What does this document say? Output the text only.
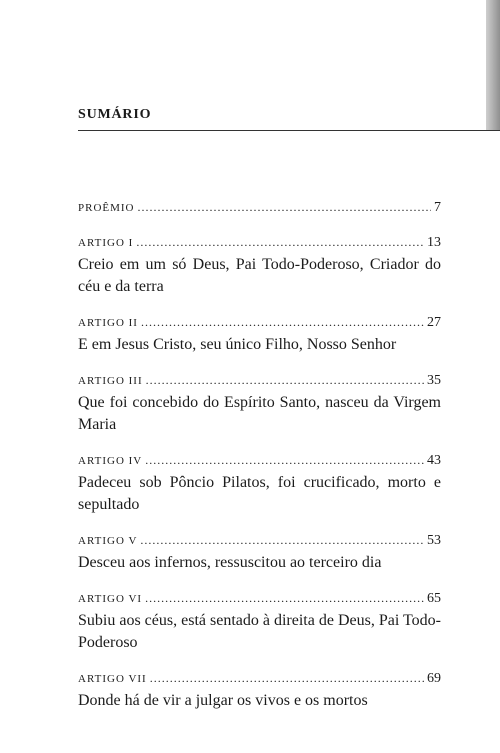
SUMÁRIO
PROÊMIO .....	7
ARTIGO I .....	13
Creio em um só Deus, Pai Todo-Poderoso, Criador do céu e da terra
ARTIGO II .....	27
E em Jesus Cristo, seu único Filho, Nosso Senhor
ARTIGO III .....	35
Que foi concebido do Espírito Santo, nasceu da Virgem Maria
ARTIGO IV .....	43
Padeceu sob Pôncio Pilatos, foi crucificado, morto e sepultado
ARTIGO V .....	53
Desceu aos infernos, ressuscitou ao terceiro dia
ARTIGO VI .....	65
Subiu aos céus, está sentado à direita de Deus, Pai Todo-Poderoso
ARTIGO VII .....	69
Donde há de vir a julgar os vivos e os mortos
